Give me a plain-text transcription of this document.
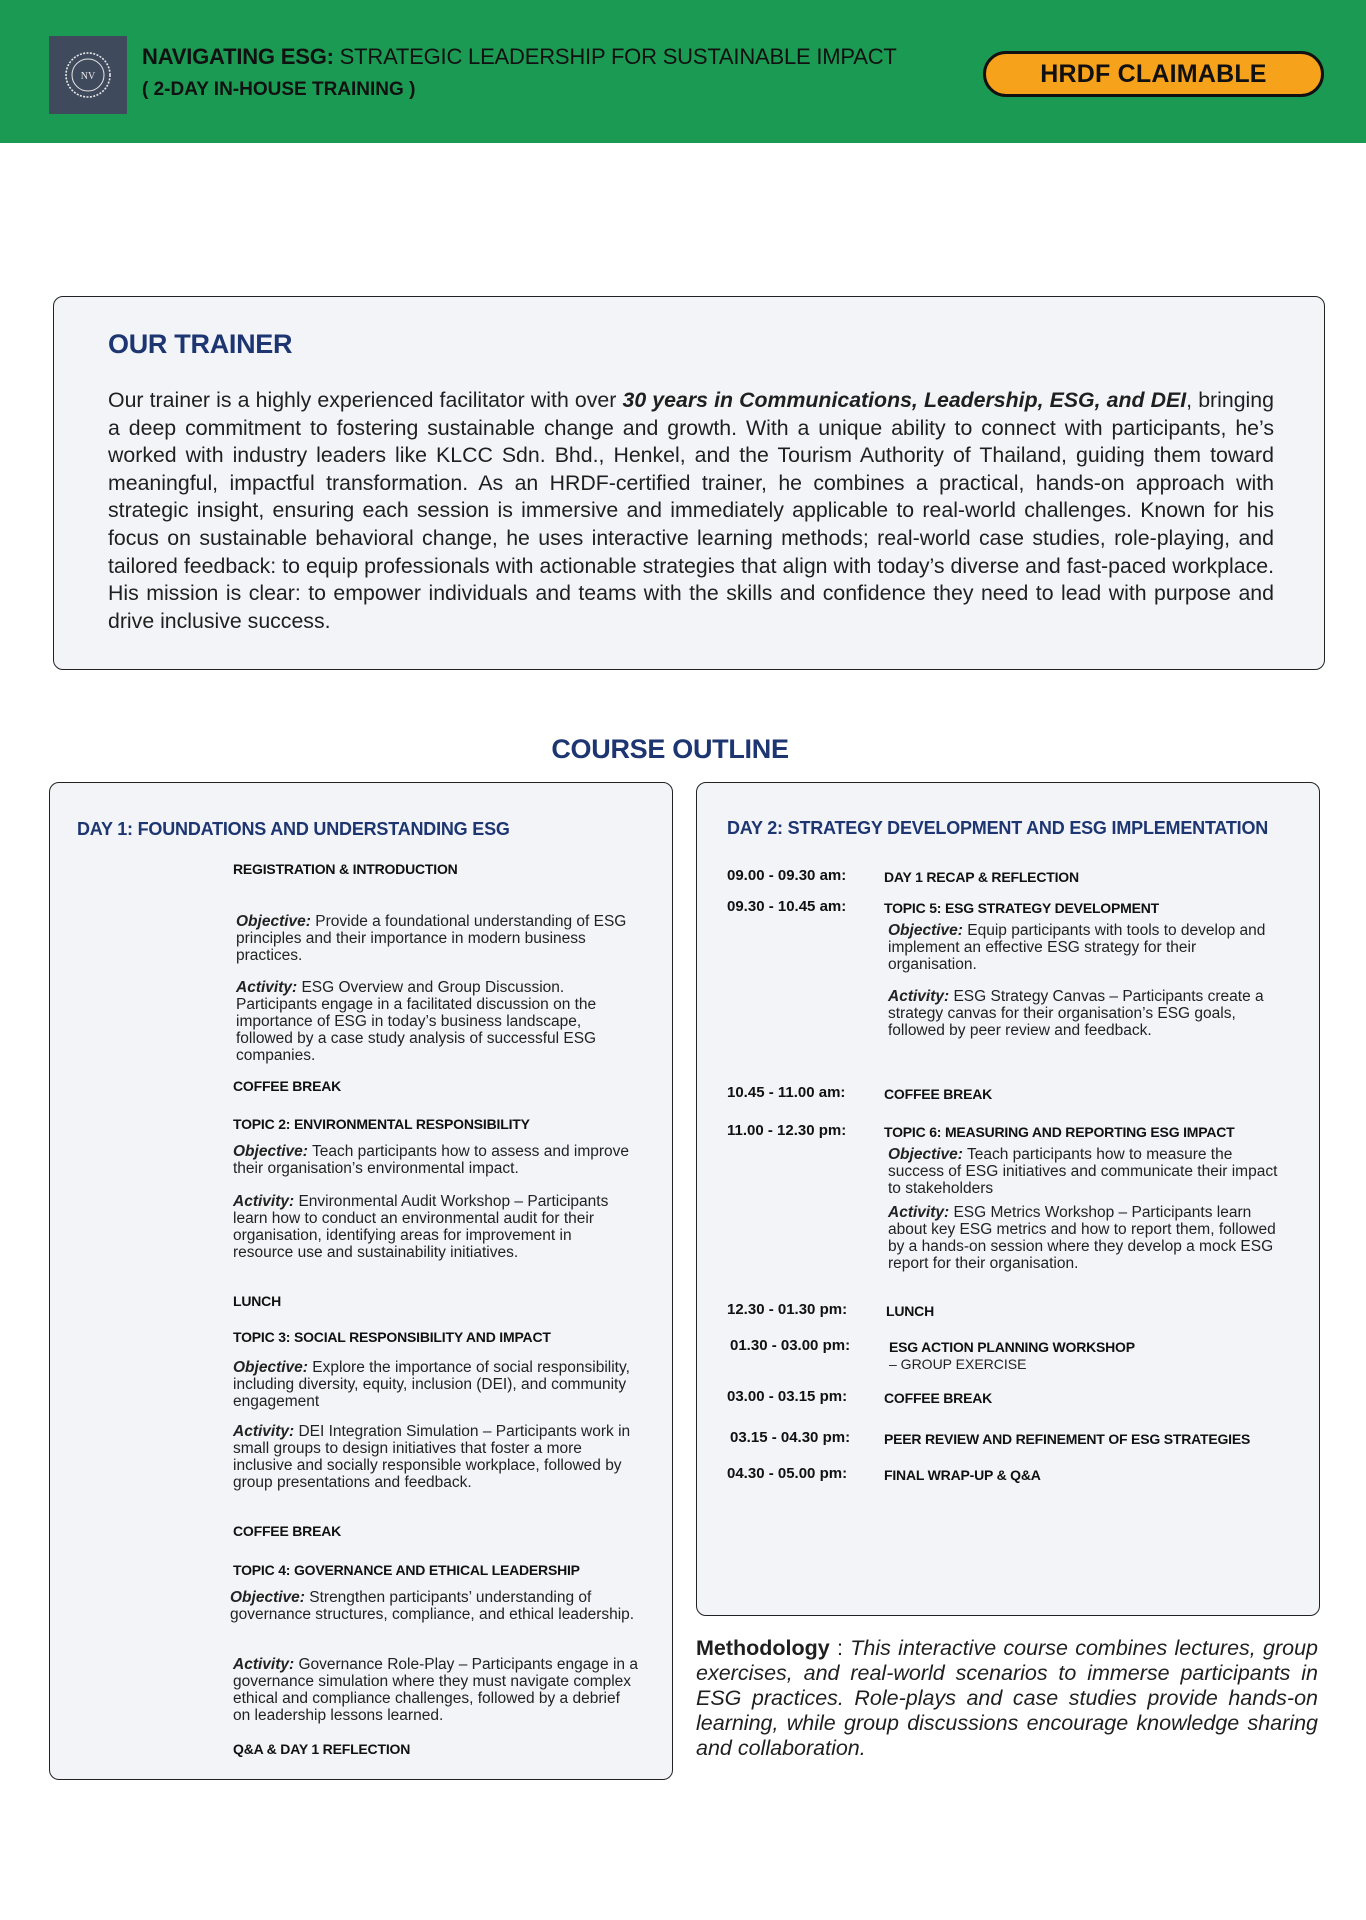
NV
NAVIGATING ESG: STRATEGIC LEADERSHIP FOR SUSTAINABLE IMPACT
( 2-DAY IN-HOUSE TRAINING )
HRDF CLAIMABLE
OUR TRAINER

Our trainer is a highly experienced facilitator with over 30 years in Communications, Leadership, ESG, and DEI, bringing a deep commitment to fostering sustainable change and growth. With a unique ability to connect with participants, he’s worked with industry leaders like KLCC Sdn. Bhd., Henkel, and the Tourism Authority of Thailand, guiding them toward meaningful, impactful transformation. As an HRDF-certified trainer, he combines a practical, hands-on approach with strategic insight, ensuring each session is immersive and immediately applicable to real-world challenges. Known for his focus on sustainable behavioral change, he uses interactive learning methods; real-world case studies, role-playing, and tailored feedback: to equip professionals with actionable strategies that align with today’s diverse and fast-paced workplace. His mission is clear: to empower individuals and teams with the skills and confidence they need to lead with purpose and drive inclusive success.

COURSE OUTLINE
DAY 1: FOUNDATIONS AND UNDERSTANDING ESG
REGISTRATION & INTRODUCTION
Objective: Provide a foundational understanding of ESG principles and their importance in modern business practices.
Activity: ESG Overview and Group Discussion. Participants engage in a facilitated discussion on the importance of ESG in today’s business landscape, followed by a case study analysis of successful ESG companies.
COFFEE BREAK
TOPIC 2: ENVIRONMENTAL RESPONSIBILITY
Objective: Teach participants how to assess and improve their organisation’s environmental impact.
Activity: Environmental Audit Workshop – Participants learn how to conduct an environmental audit for their organisation, identifying areas for improvement in resource use and sustainability initiatives.
LUNCH
TOPIC 3: SOCIAL RESPONSIBILITY AND IMPACT
Objective: Explore the importance of social responsibility, including diversity, equity, inclusion (DEI), and community engagement
Activity: DEI Integration Simulation – Participants work in small groups to design initiatives that foster a more inclusive and socially responsible workplace, followed by group presentations and feedback.
COFFEE BREAK
TOPIC 4: GOVERNANCE AND ETHICAL LEADERSHIP
Objective: Strengthen participants’ understanding of governance structures, compliance, and ethical leadership.
Activity: Governance Role-Play – Participants engage in a governance simulation where they must navigate complex ethical and compliance challenges, followed by a debrief on leadership lessons learned.
Q&A & DAY 1 REFLECTION
DAY 2: STRATEGY DEVELOPMENT AND ESG IMPLEMENTATION
09.00 - 09.30 am:	DAY 1 RECAP & REFLECTION
09.30 - 10.45 am:	TOPIC 5: ESG STRATEGY DEVELOPMENT
Objective: Equip participants with tools to develop and implement an effective ESG strategy for their organisation.
Activity: ESG Strategy Canvas – Participants create a strategy canvas for their organisation’s ESG goals, followed by peer review and feedback.
10.45 - 11.00 am:	COFFEE BREAK
11.00 - 12.30 pm:	TOPIC 6: MEASURING AND REPORTING ESG IMPACT
Objective: Teach participants how to measure the success of ESG initiatives and communicate their impact to stakeholders
Activity: ESG Metrics Workshop – Participants learn about key ESG metrics and how to report them, followed by a hands-on session where they develop a mock ESG report for their organisation.
12.30 - 01.30 pm:	LUNCH
01.30 - 03.00 pm:	ESG ACTION PLANNING WORKSHOP
– GROUP EXERCISE
03.00 - 03.15 pm:	COFFEE BREAK
03.15 - 04.30 pm: PEER REVIEW AND REFINEMENT OF ESG STRATEGIES
04.30 - 05.00 pm:	FINAL WRAP-UP & Q&A
Methodology : This interactive course combines lectures, group exercises, and real-world scenarios to immerse participants in ESG practices. Role-plays and case studies provide hands-on learning, while group discussions encourage knowledge sharing and collaboration.
